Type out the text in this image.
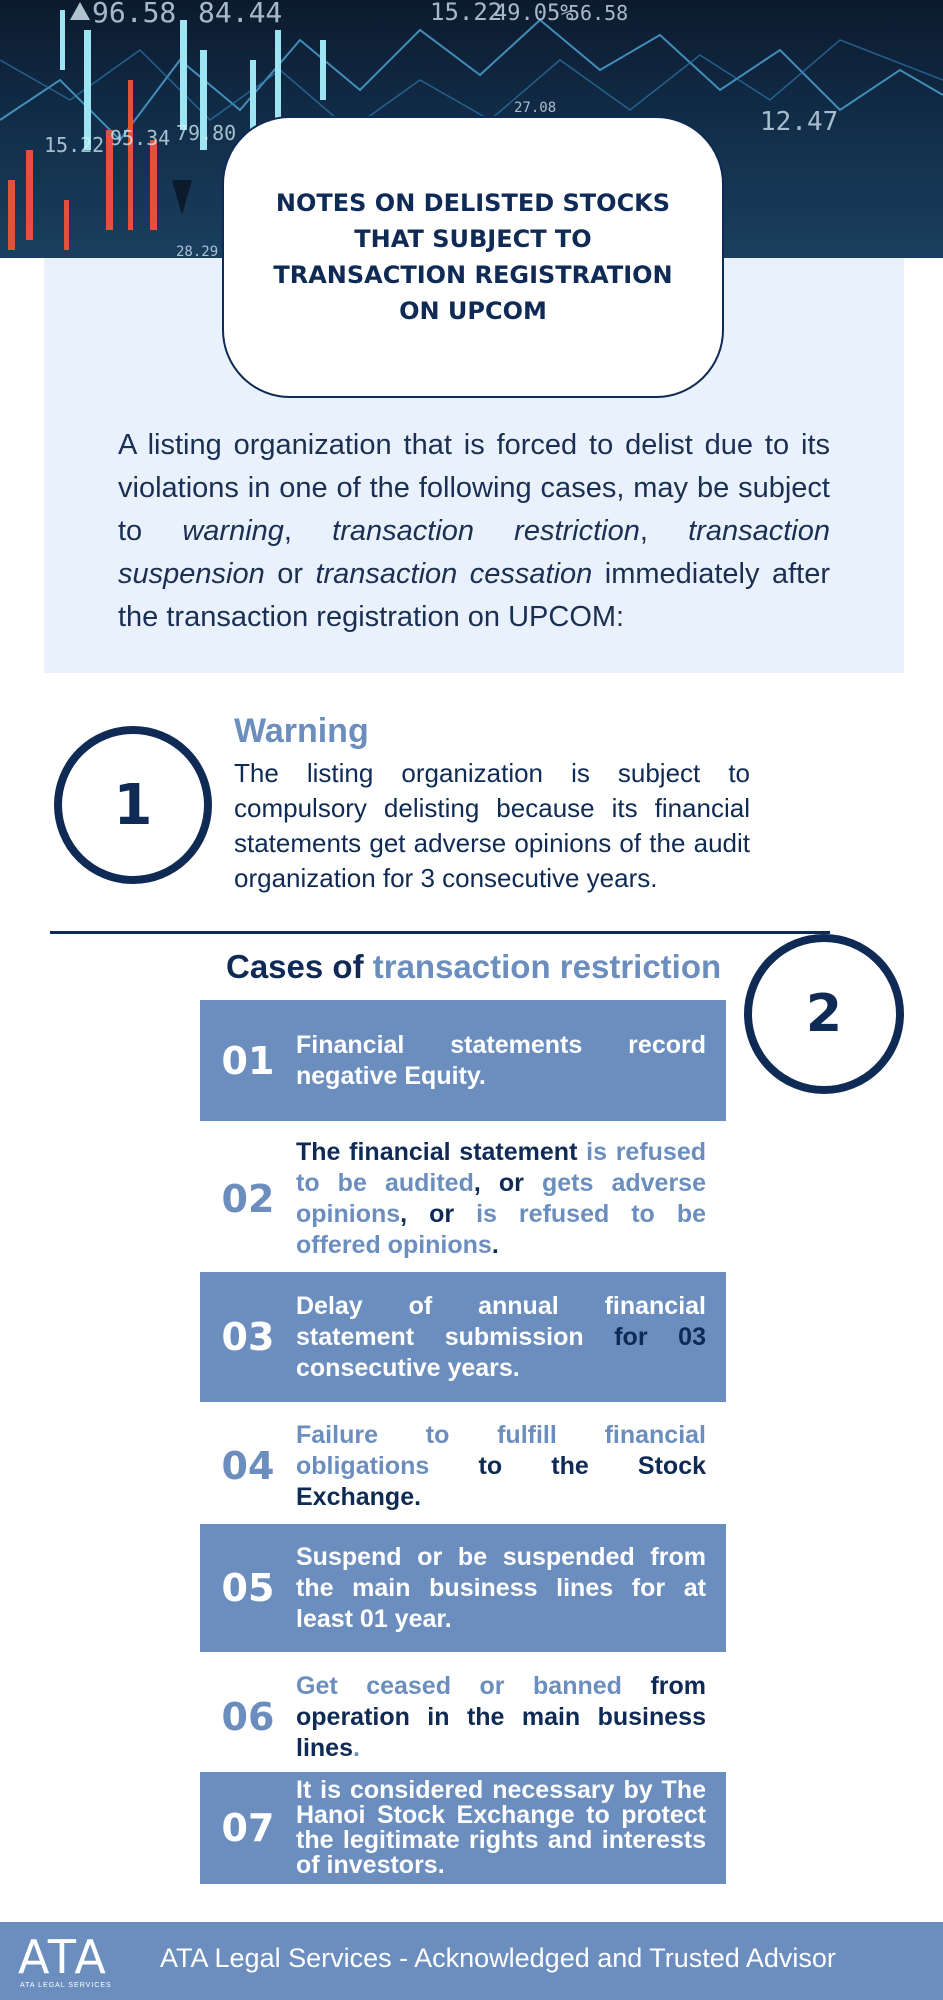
96.58 84.44	15.22
49.05%
56.58
15.22 95.34 79.80
28.29
27.08	12.47
NOTES ON DELISTED STOCKS THAT SUBJECT TO TRANSACTION REGISTRATION ON UPCOM

A listing organization that is forced to delist due to its violations in one of the following cases, may be subject to warning, transaction restriction, transaction suspension or transaction cessation immediately after the transaction registration on UPCOM:

1
Warning

The listing organization is subject to compulsory delisting because its financial statements get adverse opinions of the audit organization for 3 consecutive years.

Cases of transaction restriction
2
01 Financial statements record negative Equity.
02
The financial statement is refused to be audited, or gets adverse opinions, or is refused to be offered opinions.
03
Delay of annual financial statement submission for 03 consecutive years.
04
Failure to fulfill financial obligations to the Stock Exchange.
05
Suspend or be suspended from the main business lines for at least 01 year.
06
Get ceased or banned from operation in the main business lines.
07
It is considered necessary by The Hanoi Stock Exchange to protect the legitimate rights and interests of investors.
ATA
ATA LEGAL SERVICES

ATA Legal Services - Acknowledged and Trusted Advisor
